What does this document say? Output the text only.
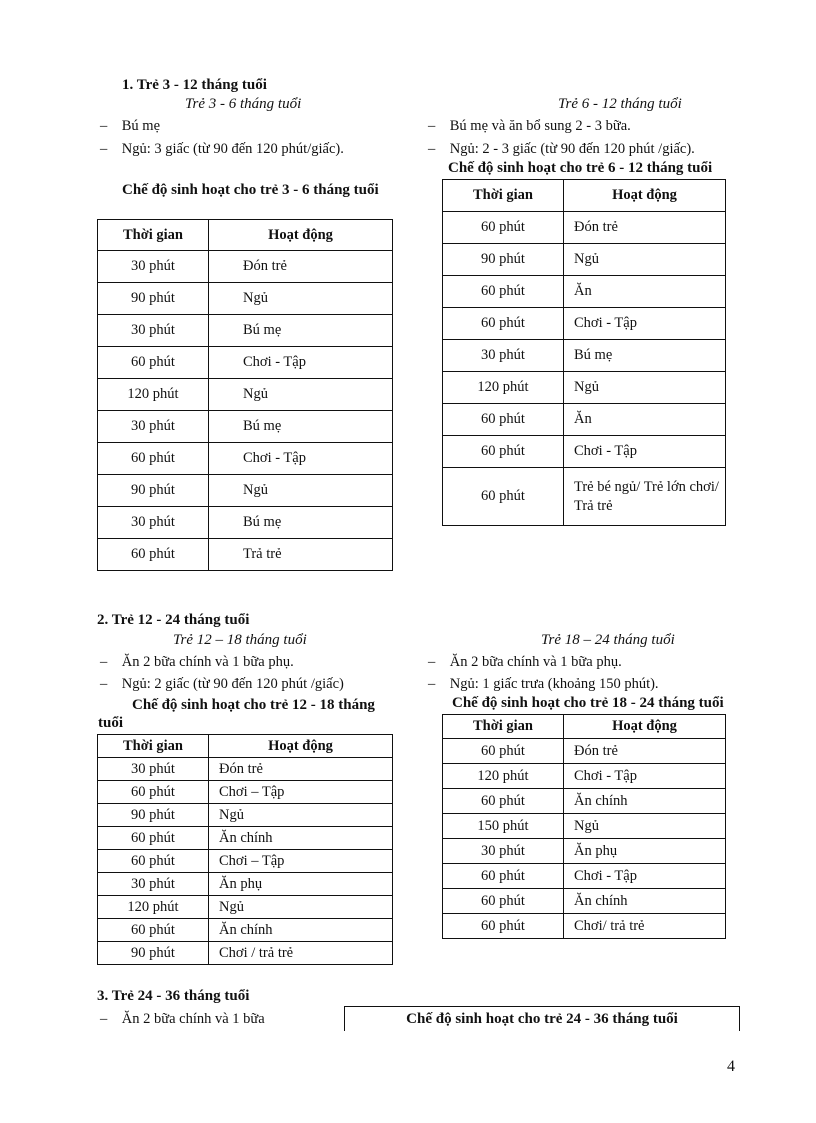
1. Trẻ 3 - 12 tháng tuổi
Trẻ 3 - 6 tháng tuổi
– Bú mẹ
– Ngủ: 3 giấc (từ 90 đến 120 phút/giấc).
Chế độ sinh hoạt cho trẻ 3 - 6 tháng tuổi
Thời gian	Hoạt động
30 phút	Đón trẻ
90 phút	Ngủ
30 phút	Bú mẹ
60 phút	Chơi - Tập
120 phút	Ngủ
30 phút	Bú mẹ
60 phút	Chơi - Tập
90 phút	Ngủ
30 phút	Bú mẹ
60 phút	Trả trẻ
Trẻ 6 - 12 tháng tuổi
– Bú mẹ và ăn bổ sung 2 - 3 bữa.
– Ngủ: 2 - 3 giấc (từ 90 đến 120 phút /giấc).
Chế độ sinh hoạt cho trẻ 6 - 12 tháng tuổi
Thời gian	Hoạt động
60 phút	Đón trẻ
90 phút	Ngủ
60 phút	Ăn
60 phút	Chơi - Tập
30 phút	Bú mẹ
120 phút	Ngủ
60 phút	Ăn
60 phút	Chơi - Tập
60 phút	Trẻ bé ngủ/ Trẻ lớn chơi/ Trả trẻ
2. Trẻ 12 - 24 tháng tuổi
Trẻ 12 – 18 tháng tuổi
– Ăn 2 bữa chính và 1 bữa phụ.
– Ngủ: 2 giấc (từ 90 đến 120 phút /giấc)
Chế độ sinh hoạt cho trẻ 12 - 18 tháng tuổi
Thời gian	Hoạt động
30 phút	Đón trẻ
60 phút	Chơi – Tập
90 phút	Ngủ
60 phút	Ăn chính
60 phút	Chơi – Tập
30 phút	Ăn phụ
120 phút	Ngủ
60 phút	Ăn chính
90 phút	Chơi / trả trẻ
Trẻ 18 – 24 tháng tuổi
– Ăn 2 bữa chính và 1 bữa phụ.
– Ngủ: 1 giấc trưa (khoảng 150 phút).
Chế độ sinh hoạt cho trẻ 18 - 24 tháng tuổi
Thời gian	Hoạt động
60 phút	Đón trẻ
120 phút	Chơi - Tập
60 phút	Ăn chính
150 phút	Ngủ
30 phút	Ăn phụ
60 phút	Chơi - Tập
60 phút	Ăn chính
60 phút	Chơi/ trả trẻ
3. Trẻ 24 - 36 tháng tuổi
– Ăn 2 bữa chính và 1 bữa	Chế độ sinh hoạt cho trẻ 24 - 36 tháng tuổi
4
